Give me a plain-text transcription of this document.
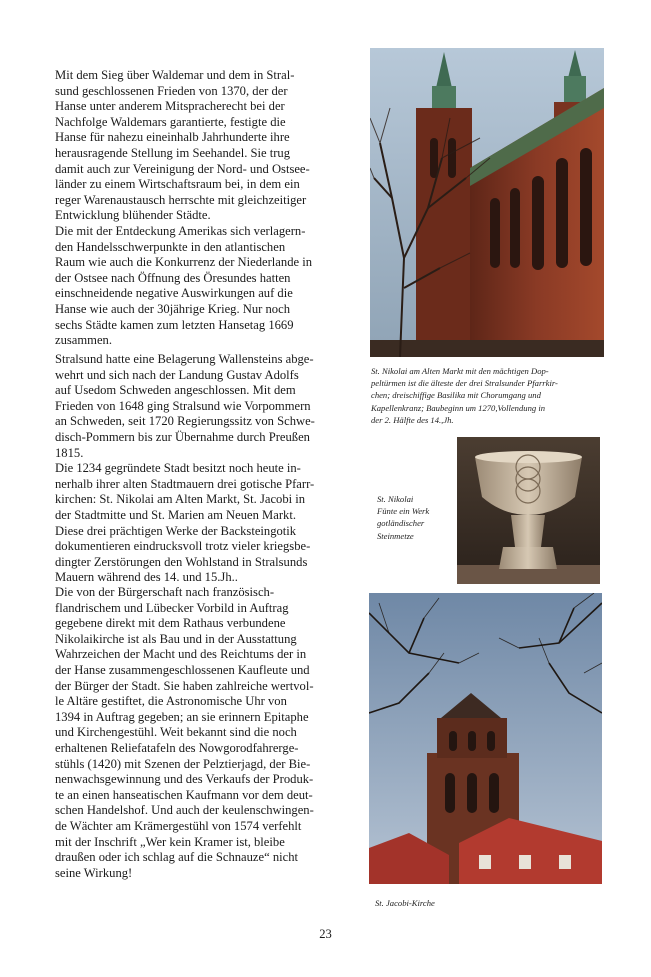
Mit dem Sieg über Waldemar und dem in Stral-
sund geschlossenen Frieden von 1370, der der
Hanse unter anderem Mitspracherecht bei der
Nachfolge Waldemars garantierte, festigte die
Hanse für nahezu eineinhalb Jahrhunderte ihre
herausragende Stellung im Seehandel. Sie trug
damit auch zur Vereinigung der Nord- und Ostsee-
länder zu einem Wirtschaftsraum bei, in dem ein
reger Warenaustausch herrschte mit gleichzeitiger
Entwicklung blühender Städte.
Die mit der Entdeckung Amerikas sich verlagern-
den Handelsschwerpunkte in den atlantischen
Raum wie auch die Konkurrenz der Niederlande in
der Ostsee nach Öffnung des Öresundes hatten
einschneidende negative Auswirkungen auf die
Hanse wie auch der 30jährige Krieg. Nur noch
sechs Städte kamen zum letzten Hansetag 1669
zusammen.
Stralsund hatte eine Belagerung Wallensteins abge-
wehrt und sich nach der Landung Gustav Adolfs
auf Usedom Schweden angeschlossen. Mit dem
Frieden von 1648 ging Stralsund wie Vorpommern
an Schweden, seit 1720 Regierungssitz von Schwe-
disch-Pommern bis zur Übernahme durch Preußen
1815.
Die 1234 gegründete Stadt besitzt noch heute in-
nerhalb ihrer alten Stadtmauern drei gotische Pfarr-
kirchen: St. Nikolai am Alten Markt, St. Jacobi in
der Stadtmitte und St. Marien am Neuen Markt.
Diese drei prächtigen Werke der Backsteingotik
dokumentieren eindrucksvoll trotz vieler kriegsbe-
dingter Zerstörungen den Wohlstand in Stralsunds
Mauern während des 14. und 15.Jh..
Die von der Bürgerschaft nach französisch-
flandrischem und Lübecker Vorbild in Auftrag
gegebene direkt mit dem Rathaus verbundene
Nikolaikirche ist als Bau und in der Ausstattung
Wahrzeichen der Macht und des Reichtums der in
der Hanse zusammengeschlossenen Kaufleute und
der Bürger der Stadt. Sie haben zahlreiche wertvol-
le Altäre gestiftet, die Astronomische Uhr von
1394 in Auftrag gegeben; an sie erinnern Epitaphe
und Kirchengestühl. Weit bekannt sind die noch
erhaltenen Reliefatafeln des Nowgorodfahrerge-
stühls (1420) mit Szenen der Pelztierjagd, der Bie-
nenwachsgewinnung und des Verkaufs der Produk-
te an einen hanseatischen Kaufmann vor dem deut-
schen Handelshof. Und auch der keulenschwingen-
de Wächter am Krämergestühl von 1574 verfehlt
mit der Inschrift „Wer kein Kramer ist, bleibe
draußen oder ich schlag auf die Schnauze“ nicht
seine Wirkung!
St. Nikolai am Alten Markt mit den mächtigen Dop-
peltürmen ist die älteste der drei Stralsunder Pfarrkir-
chen; dreischiffige Basilika mit Chorumgang und
Kapellenkranz; Baubeginn um 1270,Vollendung in
der 2. Hälfte des 14.,Jh.
St. Nikolai
Fünte ein Werk
gotländischer
Steinmetze
St. Jacobi-Kirche
23
